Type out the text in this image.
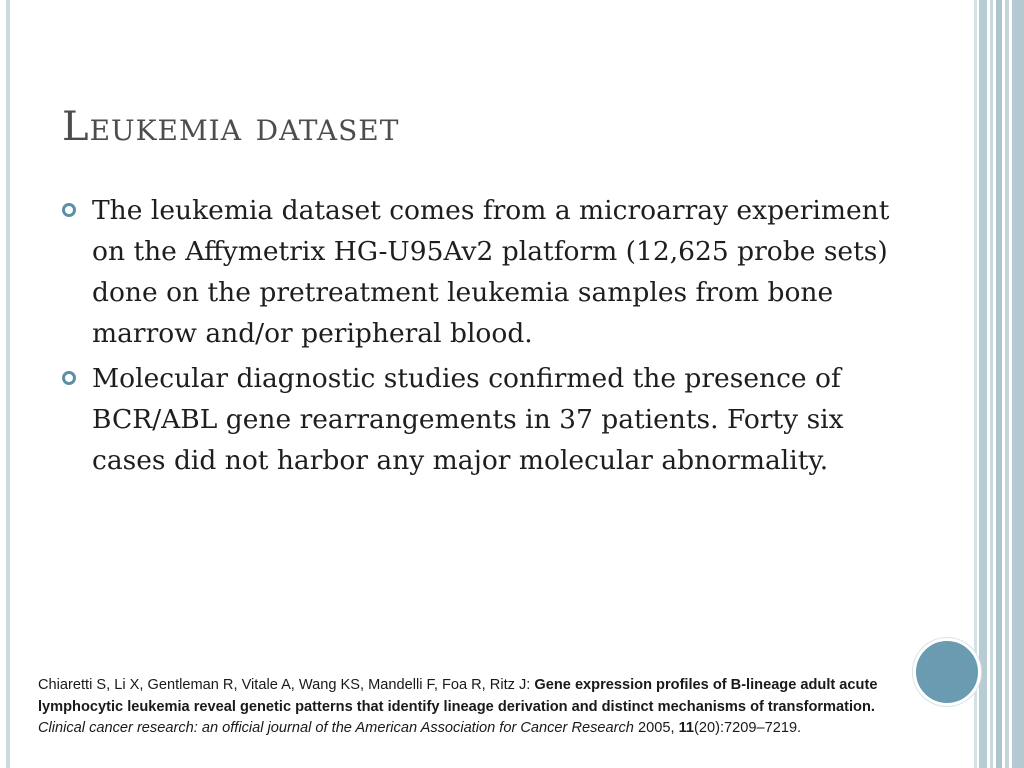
Leukemia dataset
The leukemia dataset comes from a microarray experiment on the Affymetrix HG-U95Av2 platform (12,625 probe sets) done on the pretreatment leukemia samples from bone marrow and/or peripheral blood.
Molecular diagnostic studies confirmed the presence of BCR/ABL gene rearrangements in 37 patients. Forty six cases did not harbor any major molecular abnormality.

Chiaretti S, Li X, Gentleman R, Vitale A, Wang KS, Mandelli F, Foa R, Ritz J: Gene expression profiles of B-lineage adult acute lymphocytic leukemia reveal genetic patterns that identify lineage derivation and distinct mechanisms of transformation. Clinical cancer research: an official journal of the American Association for Cancer Research 2005, 11(20):7209–7219.
